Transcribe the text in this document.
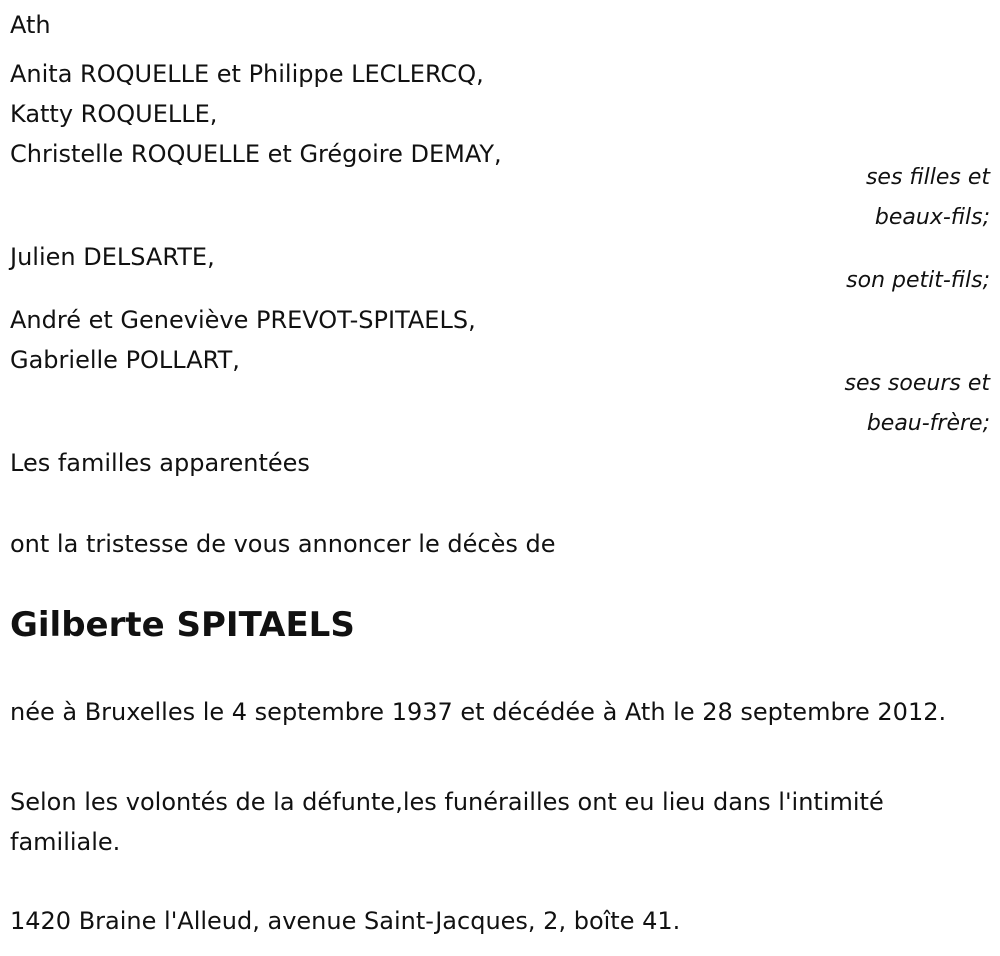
Ath
Anita ROQUELLE et Philippe LECLERCQ,
Katty ROQUELLE,
Christelle ROQUELLE et Grégoire DEMAY,
ses filles et
beaux-fils;
Julien DELSARTE,
son petit-fils;
André et Geneviève PREVOT-SPITAELS,
Gabrielle POLLART,
ses soeurs et
beau-frère;
Les familles apparentées
ont la tristesse de vous annoncer le décès de
Gilberte SPITAELS
née à Bruxelles le 4 septembre 1937 et décédée à Ath le 28 septembre 2012.
Selon les volontés de la défunte,les funérailles ont eu lieu dans l'intimité familiale.
1420 Braine l'Alleud, avenue Saint-Jacques, 2, boîte 41.
